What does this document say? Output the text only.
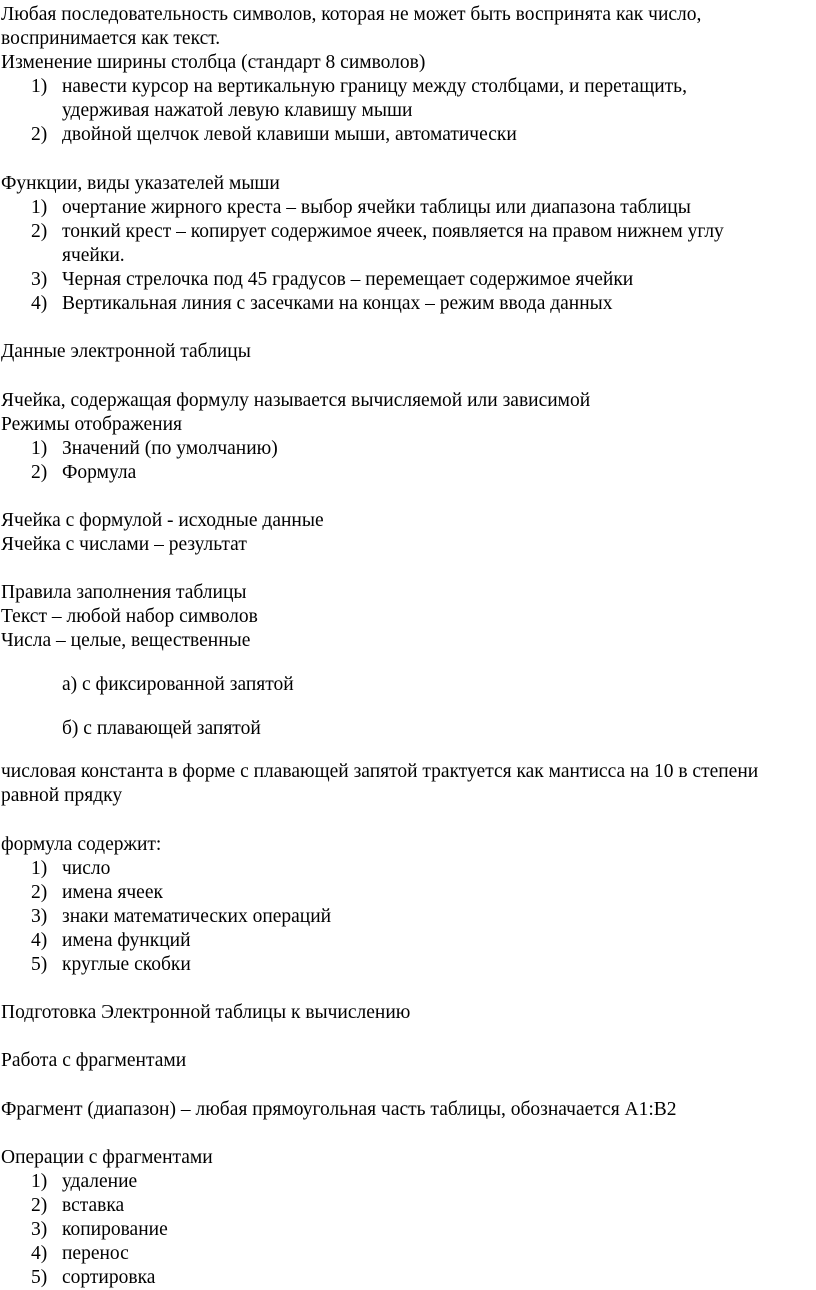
Любая последовательность символов, которая не может быть воспринята как число,

воспринимается как текст.

Изменение ширины столбца (стандарт 8 символов)

1) навести курсор на вертикальную границу между столбцами, и перетащить, удерживая нажатой левую клавишу мыши
2) двойной щелчок левой клавиши мыши, автоматически

Функции, виды указателей мыши

1) очертание жирного креста – выбор ячейки таблицы или диапазона таблицы
2) тонкий крест – копирует содержимое ячеек, появляется на правом нижнем углу ячейки.
3) Черная стрелочка под 45 градусов – перемещает содержимое ячейки
4) Вертикальная линия с засечками на концах – режим ввода данных

Данные электронной таблицы

Ячейка, содержащая формулу называется вычисляемой или зависимой

Режимы отображения

1) Значений (по умолчанию)
2) Формула

Ячейка с формулой - исходные данные

Ячейка с числами – результат

Правила заполнения таблицы

Текст – любой набор символов

Числа – целые, вещественные

а) с фиксированной запятой

б) с плавающей запятой

числовая константа в форме с плавающей запятой трактуется как мантисса на 10 в степени равной прядку

формула содержит:

1) число
2) имена ячеек
3) знаки математических операций
4) имена функций
5) круглые скобки

Подготовка Электронной таблицы к вычислению

Работа с фрагментами

Фрагмент (диапазон) – любая прямоугольная часть таблицы, обозначается А1:В2

Операции с фрагментами

1) удаление
2) вставка
3) копирование
4) перенос
5) сортировка
